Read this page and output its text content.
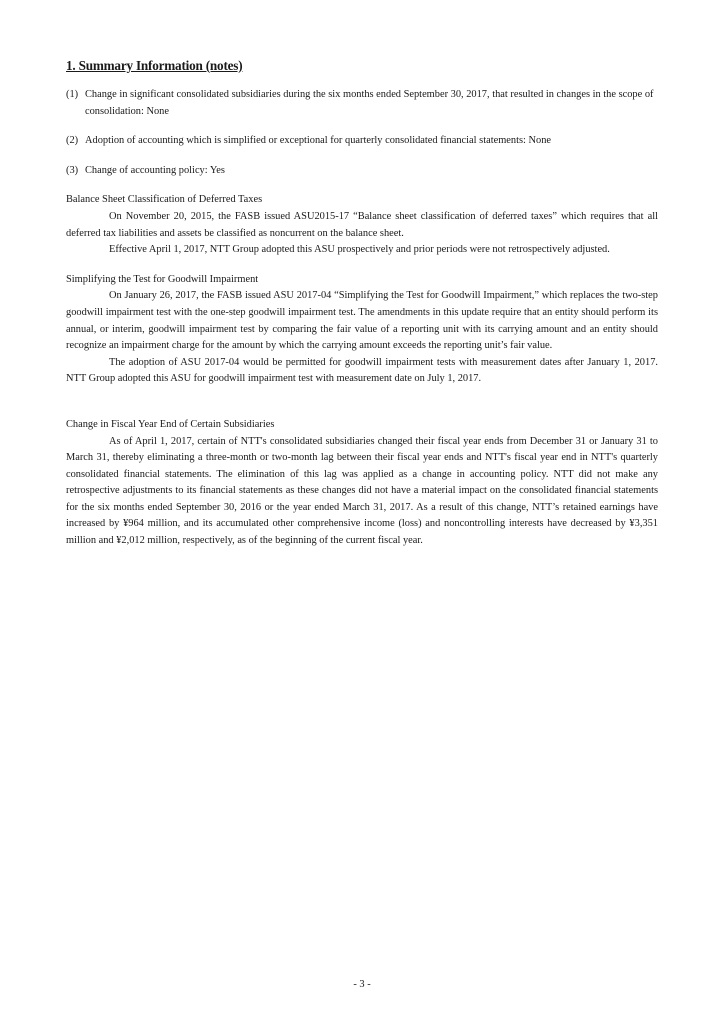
1. Summary Information (notes)
(1) Change in significant consolidated subsidiaries during the six months ended September 30, 2017, that resulted in changes in the scope of consolidation: None
(2) Adoption of accounting which is simplified or exceptional for quarterly consolidated financial statements: None
(3) Change of accounting policy: Yes

Balance Sheet Classification of Deferred Taxes

On November 20, 2015, the FASB issued ASU2015-17 “Balance sheet classification of deferred taxes” which requires that all deferred tax liabilities and assets be classified as noncurrent on the balance sheet.

Effective April 1, 2017, NTT Group adopted this ASU prospectively and prior periods were not retrospectively adjusted.

Simplifying the Test for Goodwill Impairment

On January 26, 2017, the FASB issued ASU 2017-04 “Simplifying the Test for Goodwill Impairment,” which replaces the two-step goodwill impairment test with the one-step goodwill impairment test. The amendments in this update require that an entity should perform its annual, or interim, goodwill impairment test by comparing the fair value of a reporting unit with its carrying amount and an entity should recognize an impairment charge for the amount by which the carrying amount exceeds the reporting unit’s fair value.

The adoption of ASU 2017-04 would be permitted for goodwill impairment tests with measurement dates after January 1, 2017. NTT Group adopted this ASU for goodwill impairment test with measurement date on July 1, 2017.

Change in Fiscal Year End of Certain Subsidiaries

As of April 1, 2017, certain of NTT's consolidated subsidiaries changed their fiscal year ends from December 31 or January 31 to March 31, thereby eliminating a three-month or two-month lag between their fiscal year ends and NTT's fiscal year end in NTT's quarterly consolidated financial statements. The elimination of this lag was applied as a change in accounting policy. NTT did not make any retrospective adjustments to its financial statements as these changes did not have a material impact on the consolidated financial statements for the six months ended September 30, 2016 or the year ended March 31, 2017. As a result of this change, NTT’s retained earnings have increased by ¥964 million, and its accumulated other comprehensive income (loss) and noncontrolling interests have decreased by ¥3,351 million and ¥2,012 million, respectively, as of the beginning of the current fiscal year.

- 3 -
